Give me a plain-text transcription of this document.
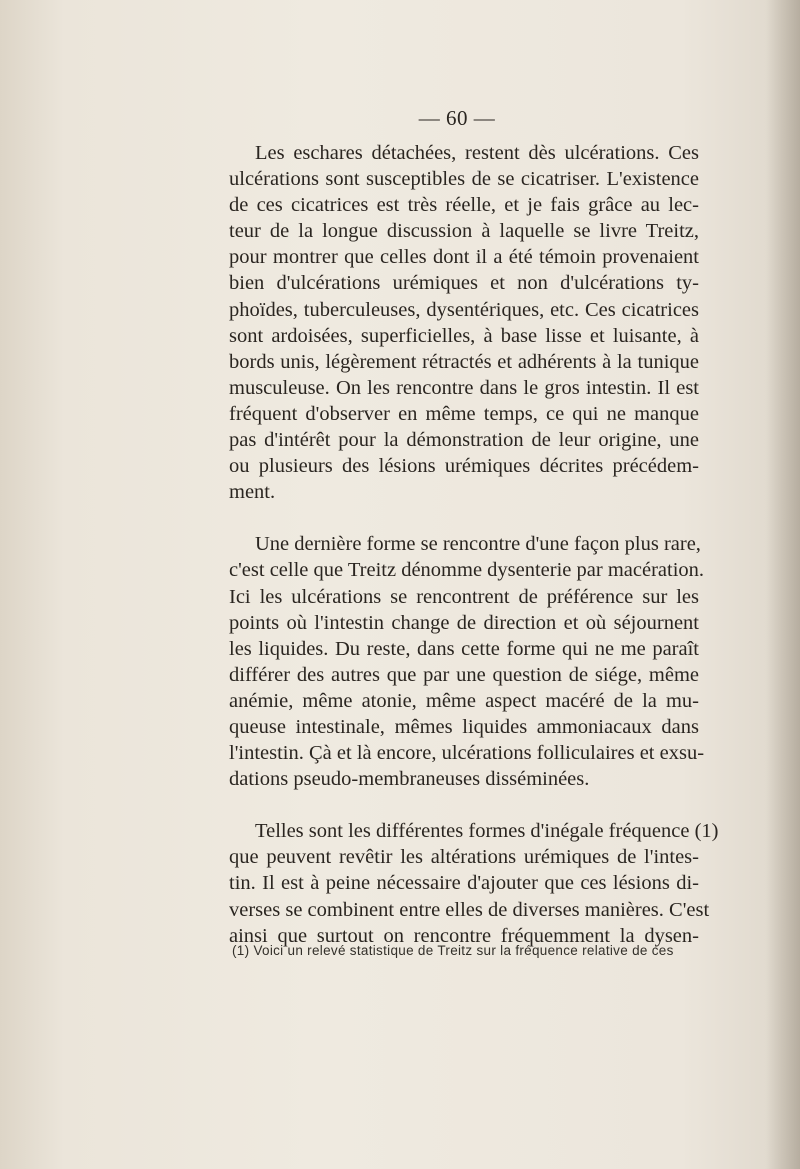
— 60 —
Les eschares détachées, restent dès ulcérations. Ces
ulcérations sont susceptibles de se cicatriser. L'existence
de ces cicatrices est très réelle, et je fais grâce au lec-
teur de la longue discussion à laquelle se livre Treitz,
pour montrer que celles dont il a été témoin provenaient
bien d'ulcérations urémiques et non d'ulcérations ty-
phoïdes, tuberculeuses, dysentériques, etc. Ces cicatrices
sont ardoisées, superficielles, à base lisse et luisante, à
bords unis, légèrement rétractés et adhérents à la tunique
musculeuse. On les rencontre dans le gros intestin. Il est
fréquent d'observer en même temps, ce qui ne manque
pas d'intérêt pour la démonstration de leur origine, une
ou plusieurs des lésions urémiques décrites précédem-
ment.
Une dernière forme se rencontre d'une façon plus rare,
c'est celle que Treitz dénomme dysenterie par macération.
Ici les ulcérations se rencontrent de préférence sur les
points où l'intestin change de direction et où séjournent
les liquides. Du reste, dans cette forme qui ne me paraît
différer des autres que par une question de siége, même
anémie, même atonie, même aspect macéré de la mu-
queuse intestinale, mêmes liquides ammoniacaux dans
l'intestin. Çà et là encore, ulcérations folliculaires et exsu-
dations pseudo-membraneuses disséminées.
Telles sont les différentes formes d'inégale fréquence (1)
que peuvent revêtir les altérations urémiques de l'intes-
tin. Il est à peine nécessaire d'ajouter que ces lésions di-
verses se combinent entre elles de diverses manières. C'est
ainsi que surtout on rencontre fréquemment la dysen-
(1) Voici un relevé statistique de Treitz sur la fréquence relative de ces
